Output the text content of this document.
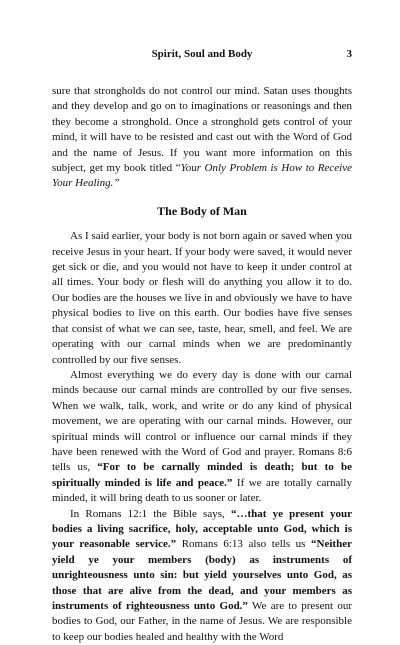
Spirit, Soul and Body	3

sure that strongholds do not control our mind. Satan uses thoughts and they develop and go on to imaginations or reasonings and then they become a stronghold. Once a stronghold gets control of your mind, it will have to be resisted and cast out with the Word of God and the name of Jesus. If you want more information on this subject, get my book titled “Your Only Problem is How to Receive Your Healing.”

The Body of Man

As I said earlier, your body is not born again or saved when you receive Jesus in your heart. If your body were saved, it would never get sick or die, and you would not have to keep it under control at all times. Your body or flesh will do anything you allow it to do. Our bodies are the houses we live in and obviously we have to have physical bodies to live on this earth. Our bodies have five senses that consist of what we can see, taste, hear, smell, and feel. We are operating with our carnal minds when we are predominantly controlled by our five senses.

Almost everything we do every day is done with our carnal minds because our carnal minds are controlled by our five senses. When we walk, talk, work, and write or do any kind of physical movement, we are operating with our carnal minds. However, our spiritual minds will control or influence our carnal minds if they have been renewed with the Word of God and prayer. Romans 8:6 tells us, “For to be carnally minded is death; but to be spiritually minded is life and peace.” If we are totally carnally minded, it will bring death to us sooner or later.

In Romans 12:1 the Bible says, “…that ye present your bodies a living sacrifice, holy, acceptable unto God, which is your reasonable service.” Romans 6:13 also tells us “Neither yield ye your members (body) as instruments of unrighteousness unto sin: but yield yourselves unto God, as those that are alive from the dead, and your members as instruments of righteousness unto God.” We are to present our bodies to God, our Father, in the name of Jesus. We are responsible to keep our bodies healed and healthy with the Word
